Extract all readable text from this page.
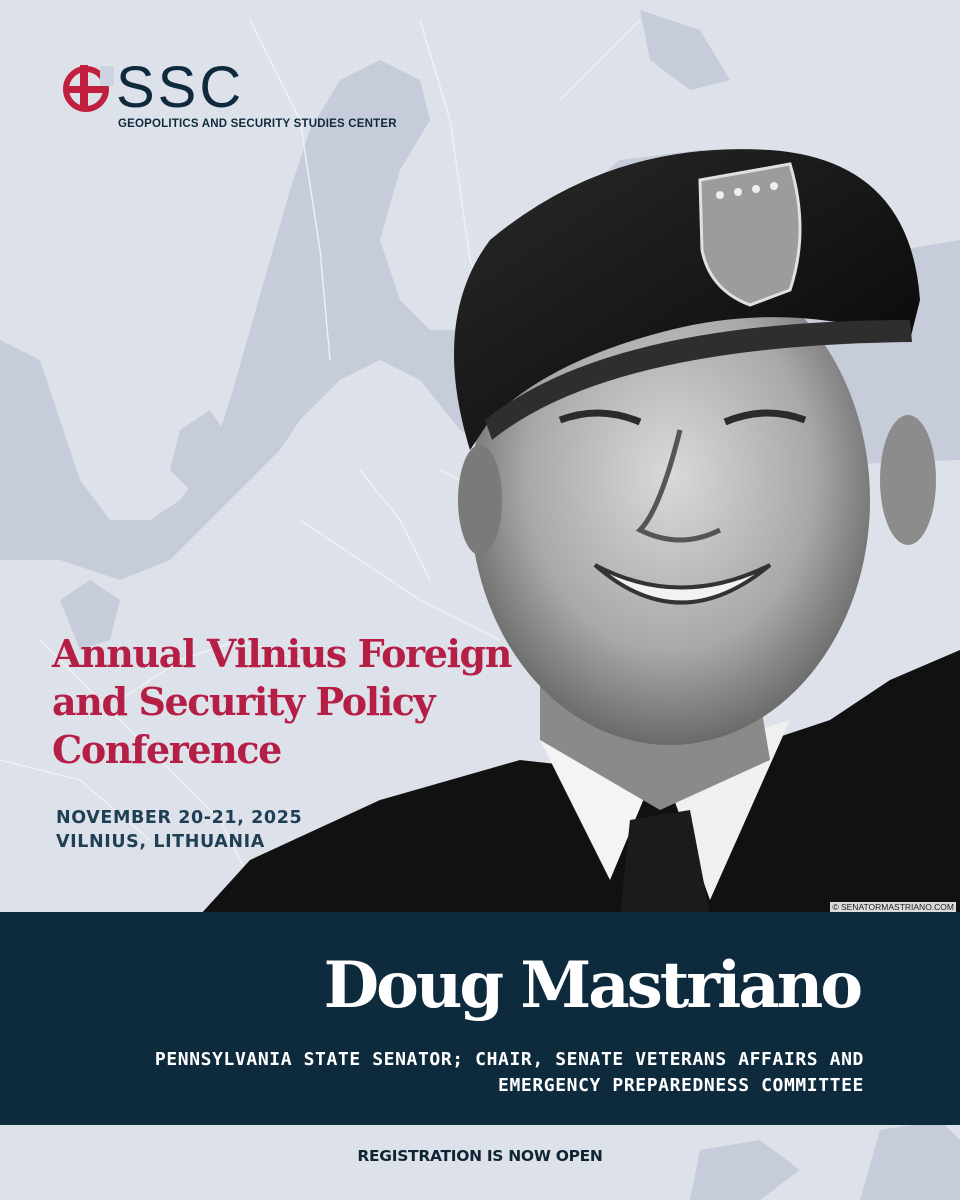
SSC
GEOPOLITICS AND SECURITY STUDIES CENTER
Annual Vilnius Foreign and Security Policy Conference
NOVEMBER 20-21, 2025
VILNIUS, LITHUANIA
© SENATORMASTRIANO.COM
Doug Mastriano
PENNSYLVANIA STATE SENATOR; CHAIR, SENATE VETERANS AFFAIRS AND EMERGENCY PREPAREDNESS COMMITTEE
REGISTRATION IS NOW OPEN
